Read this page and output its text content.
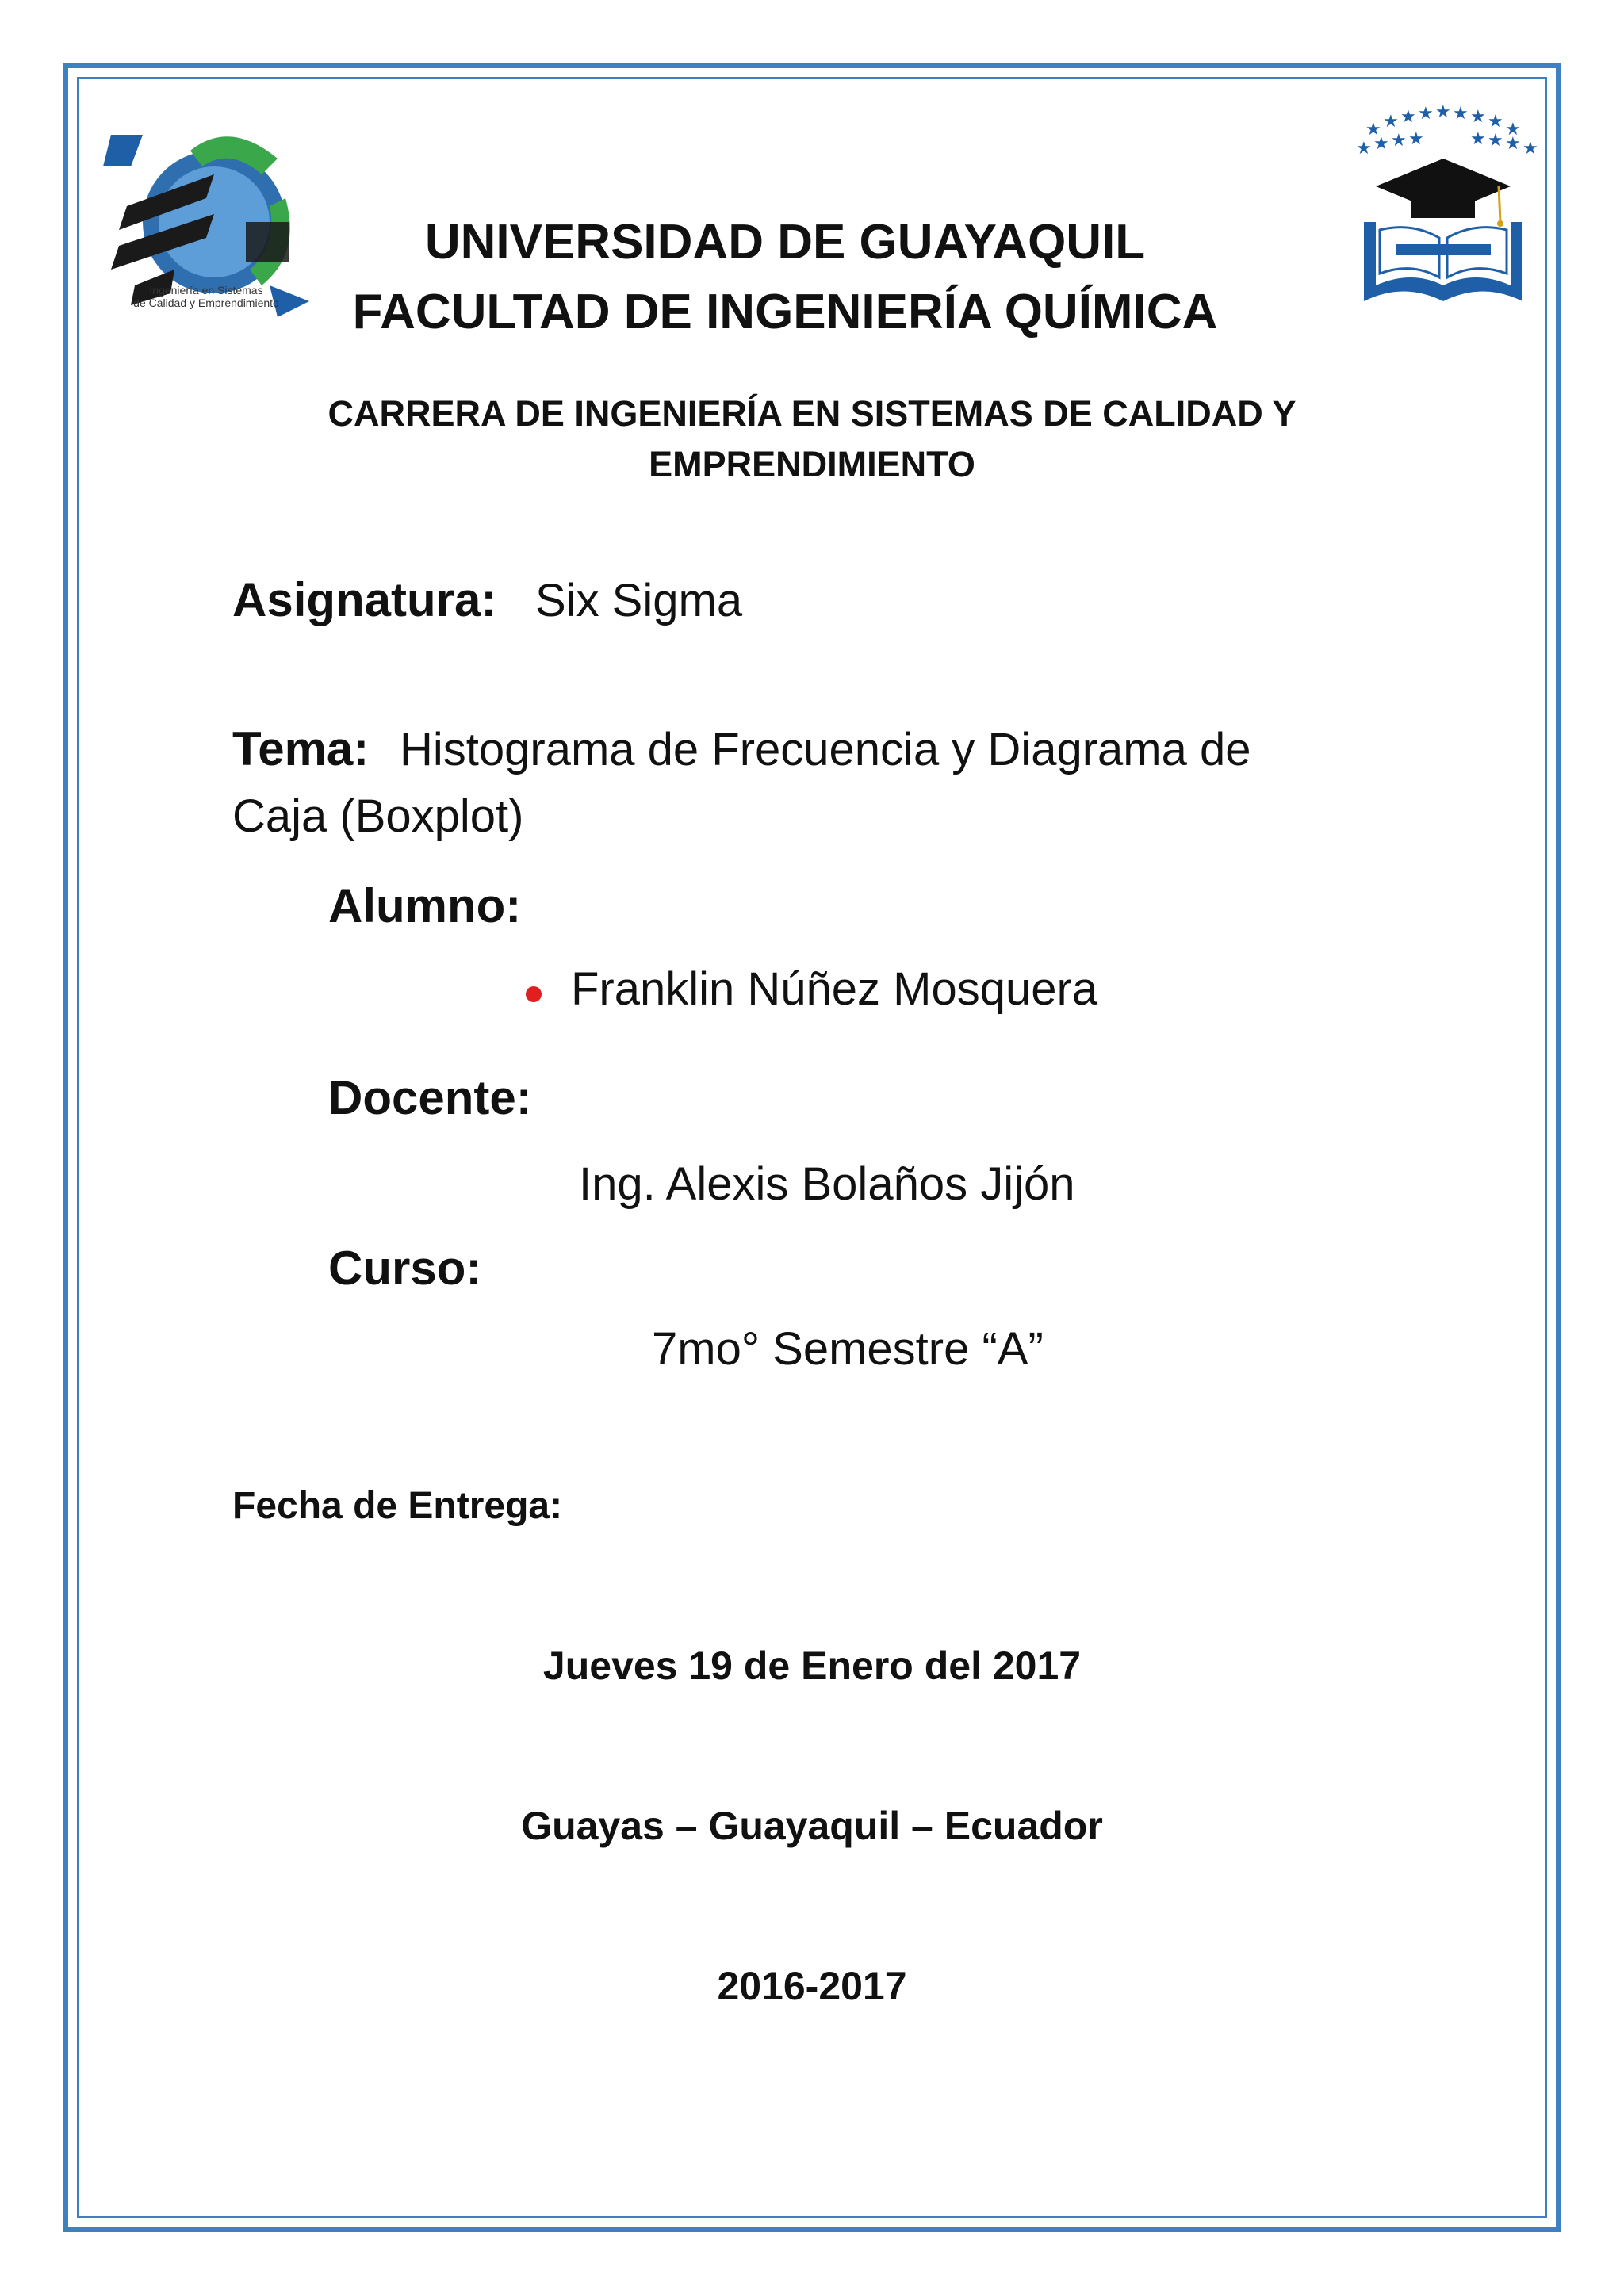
Ingeniería en Sistemas
de Calidad y Emprendimiento
★ ★ ★ ★ ★ ★ ★ ★ ★
★ ★ ★ ★	★ ★ ★ ★
UNIVERSIDAD DE GUAYAQUIL
FACULTAD DE INGENIERÍA QUÍMICA
CARRERA DE INGENIERÍA EN SISTEMAS DE CALIDAD Y
EMPRENDIMIENTO
Asignatura: Six Sigma
Tema: Histograma de Frecuencia y Diagrama de
Caja (Boxplot)
Alumno:
Franklin Núñez Mosquera
Docente:
Ing. Alexis Bolaños Jijón
Curso:
7mo° Semestre “A”
Fecha de Entrega:
Jueves 19 de Enero del 2017
Guayas – Guayaquil – Ecuador
2016-2017
